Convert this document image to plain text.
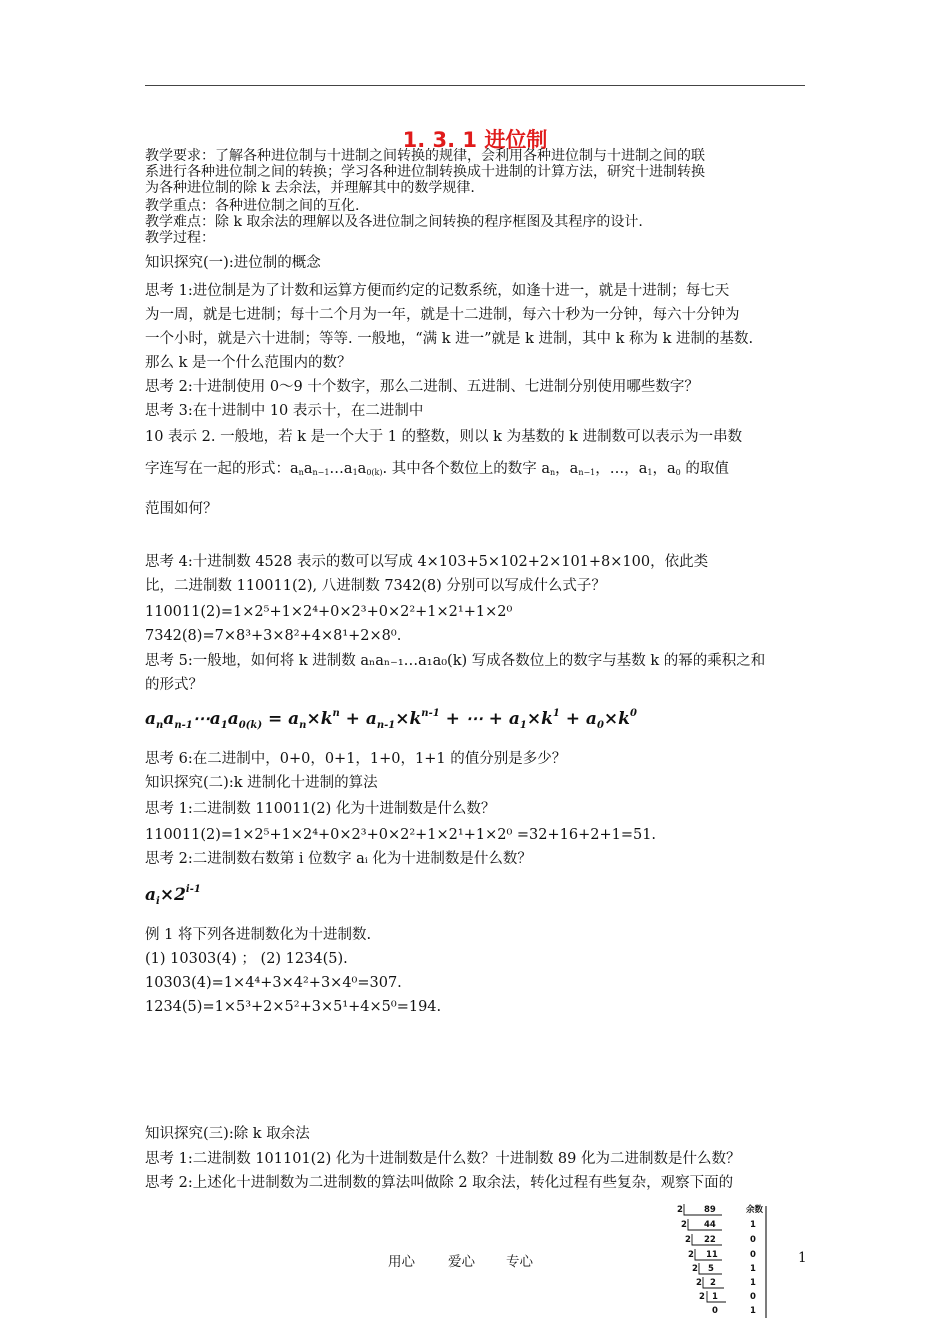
1. 3. 1 进位制
教学要求：了解各种进位制与十进制之间转换的规律，会利用各种进位制与十进制之间的联
系进行各种进位制之间的转换；学习各种进位制转换成十进制的计算方法，研究十进制转换
为各种进位制的除 k 去余法，并理解其中的数学规律.
教学重点：各种进位制之间的互化.
教学难点：除 k 取余法的理解以及各进位制之间转换的程序框图及其程序的设计.
教学过程：
知识探究(一):进位制的概念
思考 1:进位制是为了计数和运算方便而约定的记数系统，如逢十进一，就是十进制；每七天
为一周，就是七进制；每十二个月为一年，就是十二进制，每六十秒为一分钟，每六十分钟为
一个小时，就是六十进制；等等. 一般地，“满 k 进一”就是 k 进制，其中 k 称为 k 进制的基数.
那么 k 是一个什么范围内的数？
思考 2:十进制使用 0～9 十个数字，那么二进制、五进制、七进制分别使用哪些数字？
思考 3:在十进制中 10 表示十，在二进制中
10 表示 2. 一般地，若 k 是一个大于 1 的整数，则以 k 为基数的 k 进制数可以表示为一串数
字连写在一起的形式：$a_na_{n-1}\dots a_1a_{0(k)}$. 其中各个数位上的数字 $a_n$，$a_{n-1}$，…，$a_1$，$a_0$ 的取值
范围如何？
思考 4:十进制数 4528 表示的数可以写成 4×103+5×102+2×101+8×100，依此类
比，二进制数 110011(2), 八进制数 7342(8) 分别可以写成什么式子？
110011(2)=1×2⁵+1×2⁴+0×2³+0×2²+1×2¹+1×2⁰
7342(8)=7×8³+3×8²+4×8¹+2×8⁰.
思考 5:一般地，如何将 k 进制数 aₙaₙ₋₁…a₁a₀(k) 写成各数位上的数字与基数 k 的幂的乘积之和
的形式？
$a_na_{n-1}\cdots a_1a_{0(k)} = a_n\times k^n + a_{n-1}\times k^{n-1}$ + ⋯ + $a_1\times k^1 + a_0\times k^0$
思考 6:在二进制中，0+0，0+1，1+0，1+1 的值分别是多少？
知识探究(二):k 进制化十进制的算法
思考 1:二进制数 110011(2) 化为十进制数是什么数？
110011(2)=1×2⁵+1×2⁴+0×2³+0×2²+1×2¹+1×2⁰ =32+16+2+1=51.
思考 2:二进制数右数第 i 位数字 aᵢ 化为十进制数是什么数？
$a_i\times 2^{i-1}$
例 1 将下列各进制数化为十进制数.
(1) 10303(4) ； (2) 1234(5).
10303(4)=1×4⁴+3×4²+3×4⁰=307.
1234(5)=1×5³+2×5²+3×5¹+4×5⁰=194.
知识探究(三):除 k 取余法
思考 1:二进制数 101101(2) 化为十进制数是什么数？十进制数 89 化为二进制数是什么数？
思考 2:上述化十进制数为二进制数的算法叫做除 2 取余法，转化过程有些复杂，观察下面的
余数
2
2
2
2
2
2
2
89
44
22
11
5
2
1
0
1
0
0
1
1
0
1
用心 爱心 专心	1
